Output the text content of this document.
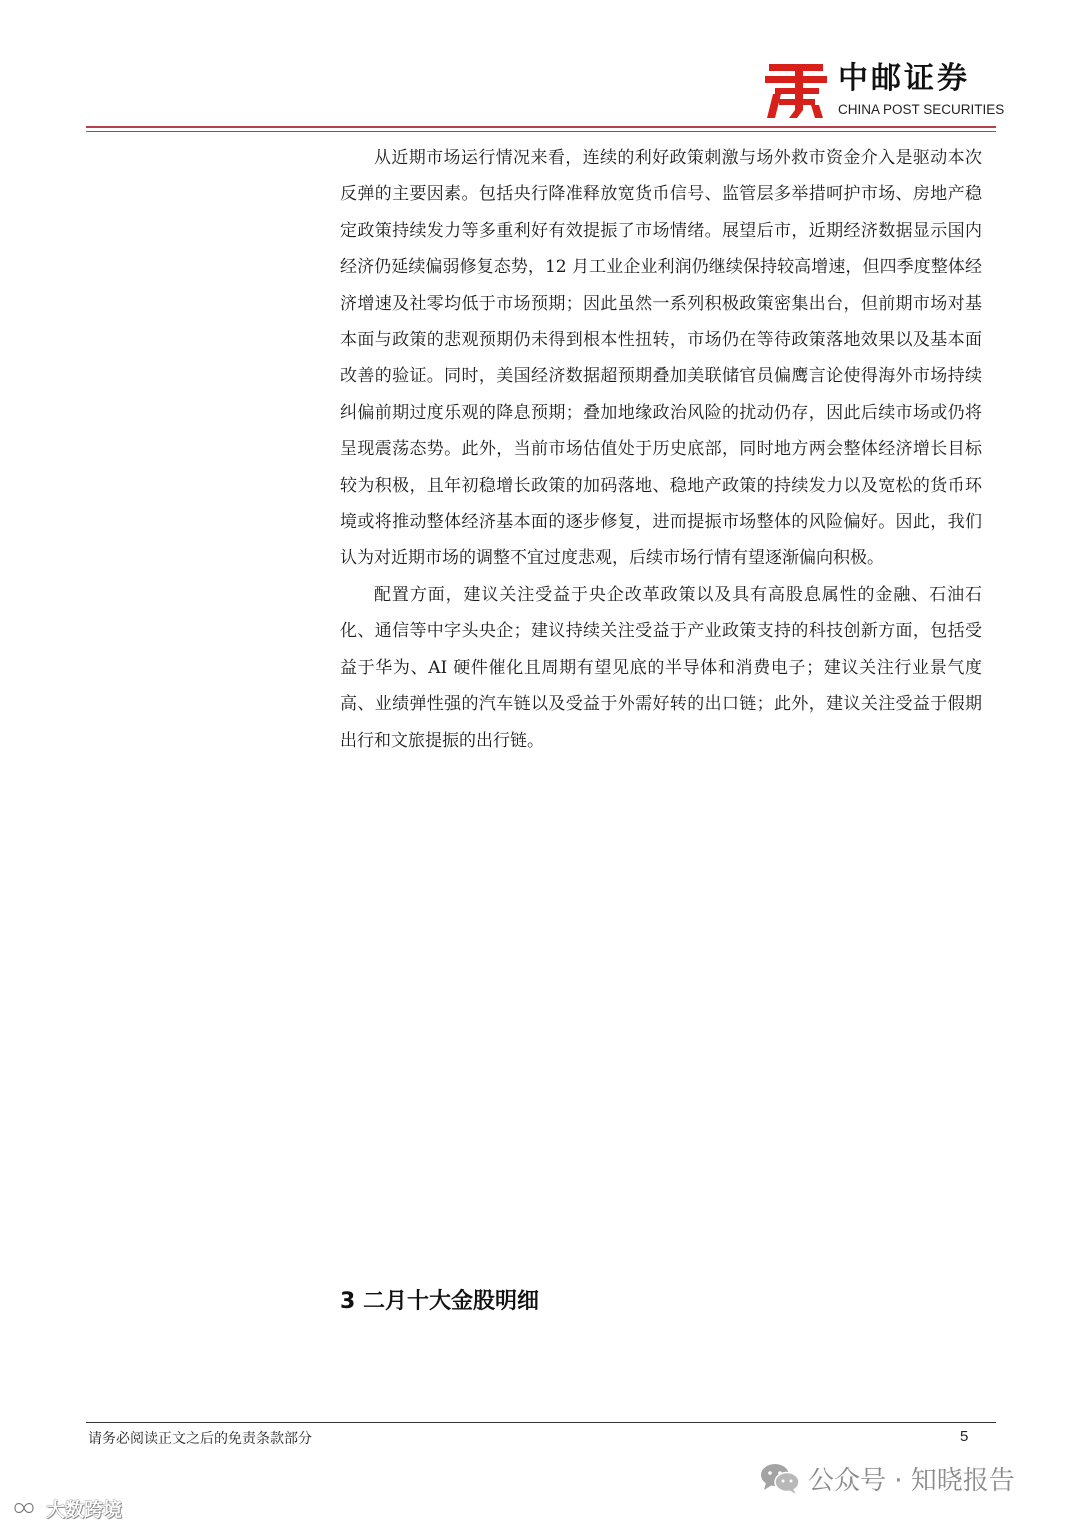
中邮证券
CHINA POST SECURITIES

从近期市场运行情况来看，连续的利好政策刺激与场外救市资金介入是驱动本次反弹的主要因素。包括央行降准释放宽货币信号、监管层多举措呵护市场、房地产稳定政策持续发力等多重利好有效提振了市场情绪。展望后市，近期经济数据显示国内经济仍延续偏弱修复态势，12 月工业企业利润仍继续保持较高增速，但四季度整体经济增速及社零均低于市场预期；因此虽然一系列积极政策密集出台，但前期市场对基本面与政策的悲观预期仍未得到根本性扭转，市场仍在等待政策落地效果以及基本面改善的验证。同时，美国经济数据超预期叠加美联储官员偏鹰言论使得海外市场持续纠偏前期过度乐观的降息预期；叠加地缘政治风险的扰动仍存，因此后续市场或仍将呈现震荡态势。此外，当前市场估值处于历史底部，同时地方两会整体经济增长目标较为积极，且年初稳增长政策的加码落地、稳地产政策的持续发力以及宽松的货币环境或将推动整体经济基本面的逐步修复，进而提振市场整体的风险偏好。因此，我们认为对近期市场的调整不宜过度悲观，后续市场行情有望逐渐偏向积极。

配置方面，建议关注受益于央企改革政策以及具有高股息属性的金融、石油石化、通信等中字头央企；建议持续关注受益于产业政策支持的科技创新方面，包括受益于华为、AI 硬件催化且周期有望见底的半导体和消费电子；建议关注行业景气度高、业绩弹性强的汽车链以及受益于外需好转的出口链；此外，建议关注受益于假期出行和文旅提振的出行链。

3 二月十大金股明细
请务必阅读正文之后的免责条款部分	5
公众号 · 知晓报告
大数跨境
